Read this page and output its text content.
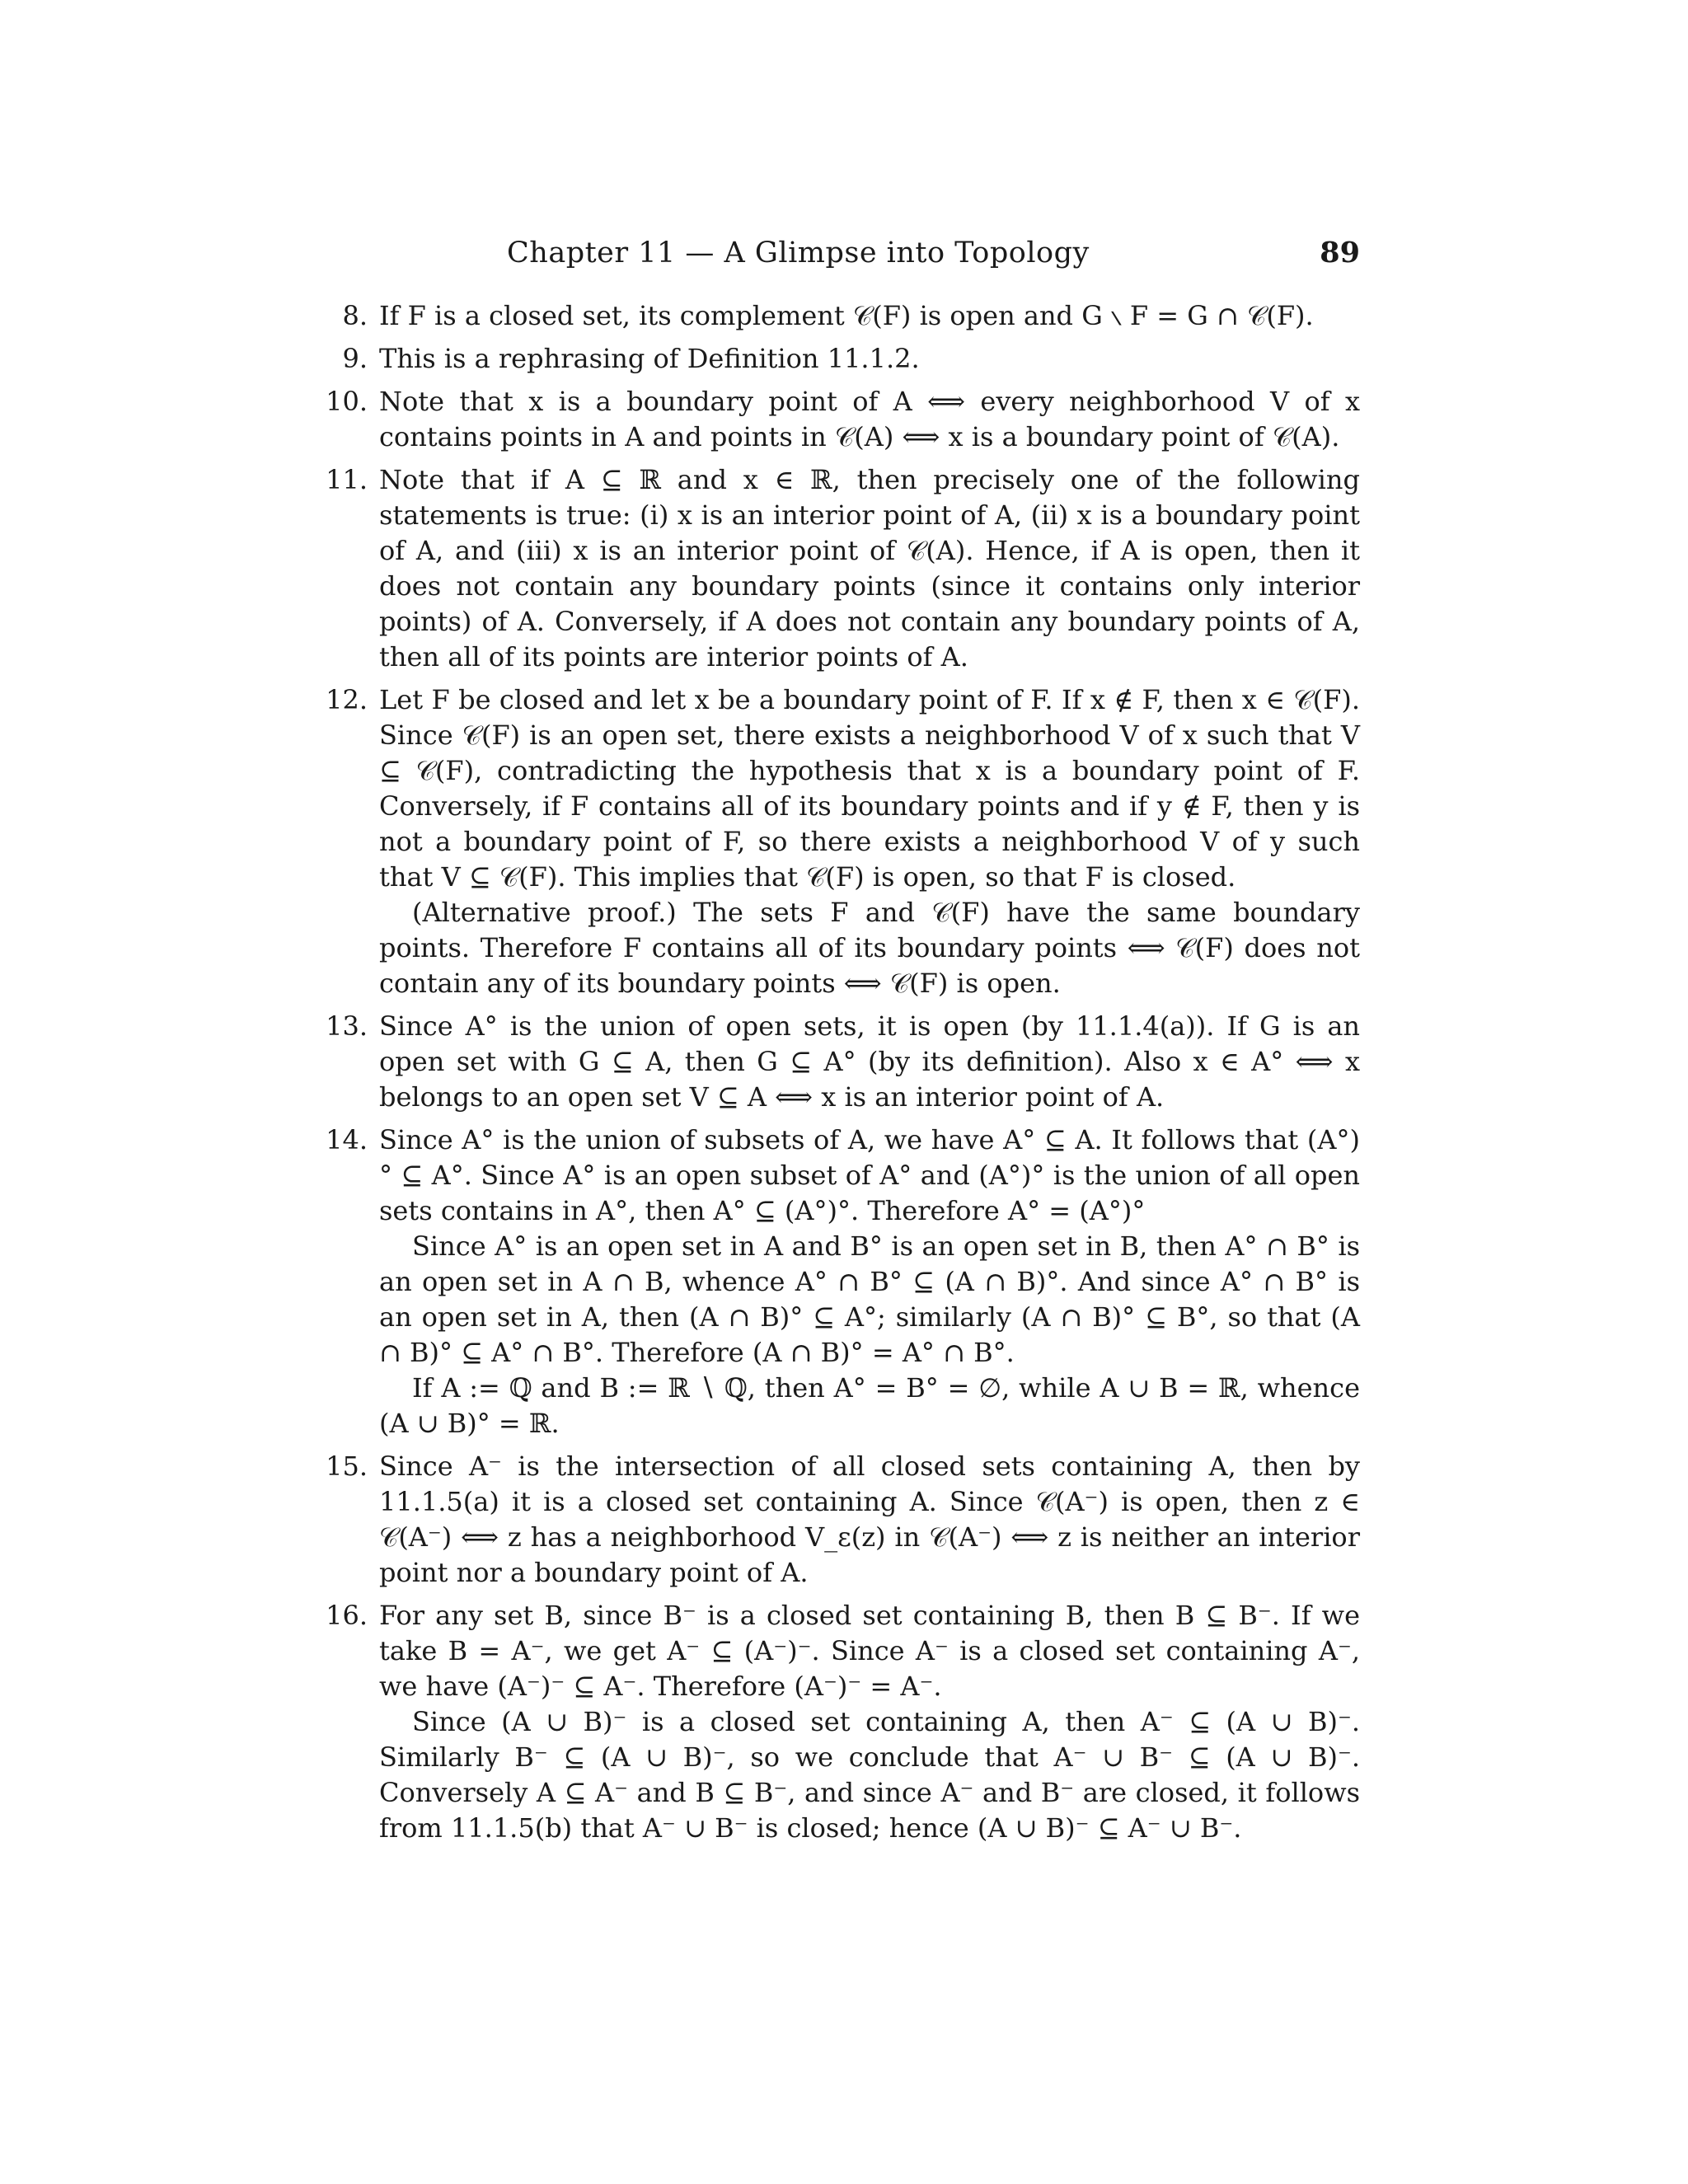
Chapter 11 — A Glimpse into Topology	89
8. If F is a closed set, its complement 𝒞(F) is open and G ∖ F = G ∩ 𝒞(F).

9. This is a rephrasing of Definition 11.1.2.

10. Note that x is a boundary point of A ⟺ every neighborhood V of x contains points in A and points in 𝒞(A) ⟺ x is a boundary point of 𝒞(A).

11. Note that if A ⊆ ℝ and x ∈ ℝ, then precisely one of the following statements is true: (i) x is an interior point of A, (ii) x is a boundary point of A, and (iii) x is an interior point of 𝒞(A). Hence, if A is open, then it does not contain any boundary points (since it contains only interior points) of A. Conversely, if A does not contain any boundary points of A, then all of its points are interior points of A.

12. Let F be closed and let x be a boundary point of F. If x ∉ F, then x ∈ 𝒞(F). Since 𝒞(F) is an open set, there exists a neighborhood V of x such that V ⊆ 𝒞(F), contradicting the hypothesis that x is a boundary point of F. Conversely, if F contains all of its boundary points and if y ∉ F, then y is not a boundary point of F, so there exists a neighborhood V of y such that V ⊆ 𝒞(F). This implies that 𝒞(F) is open, so that F is closed.

(Alternative proof.) The sets F and 𝒞(F) have the same boundary points. Therefore F contains all of its boundary points ⟺ 𝒞(F) does not contain any of its boundary points ⟺ 𝒞(F) is open.

13. Since A° is the union of open sets, it is open (by 11.1.4(a)). If G is an open set with G ⊆ A, then G ⊆ A° (by its definition). Also x ∈ A° ⟺ x belongs to an open set V ⊆ A ⟺ x is an interior point of A.

14. Since A° is the union of subsets of A, we have A° ⊆ A. It follows that (A°)° ⊆ A°. Since A° is an open subset of A° and (A°)° is the union of all open sets contains in A°, then A° ⊆ (A°)°. Therefore A° = (A°)°

Since A° is an open set in A and B° is an open set in B, then A° ∩ B° is an open set in A ∩ B, whence A° ∩ B° ⊆ (A ∩ B)°. And since A° ∩ B° is an open set in A, then (A ∩ B)° ⊆ A°; similarly (A ∩ B)° ⊆ B°, so that (A ∩ B)° ⊆ A° ∩ B°. Therefore (A ∩ B)° = A° ∩ B°.

If A := ℚ and B := ℝ ∖ ℚ, then A° = B° = ∅, while A ∪ B = ℝ, whence (A ∪ B)° = ℝ.

15. Since A⁻ is the intersection of all closed sets containing A, then by 11.1.5(a) it is a closed set containing A. Since 𝒞(A⁻) is open, then z ∈ 𝒞(A⁻) ⟺ z has a neighborhood V_ε(z) in 𝒞(A⁻) ⟺ z is neither an interior point nor a boundary point of A.

16. For any set B, since B⁻ is a closed set containing B, then B ⊆ B⁻. If we take B = A⁻, we get A⁻ ⊆ (A⁻)⁻. Since A⁻ is a closed set containing A⁻, we have (A⁻)⁻ ⊆ A⁻. Therefore (A⁻)⁻ = A⁻.

Since (A ∪ B)⁻ is a closed set containing A, then A⁻ ⊆ (A ∪ B)⁻. Similarly B⁻ ⊆ (A ∪ B)⁻, so we conclude that A⁻ ∪ B⁻ ⊆ (A ∪ B)⁻. Conversely A ⊆ A⁻ and B ⊆ B⁻, and since A⁻ and B⁻ are closed, it follows from 11.1.5(b) that A⁻ ∪ B⁻ is closed; hence (A ∪ B)⁻ ⊆ A⁻ ∪ B⁻.
